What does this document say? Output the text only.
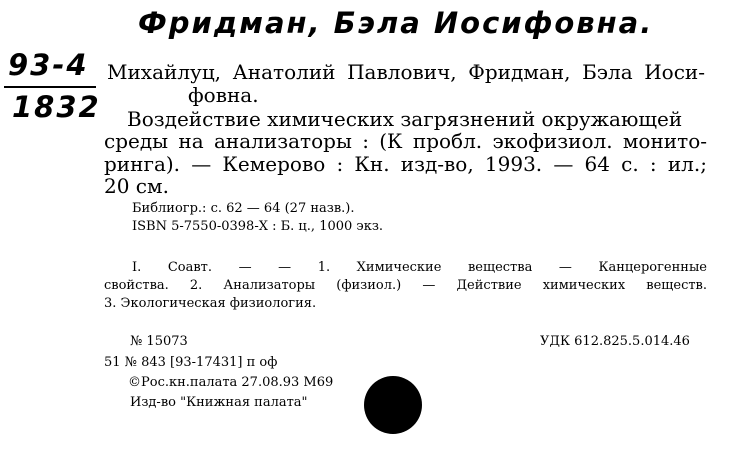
Фридман, Бэла Иосифовна.
93-4
1832
Михайлуц, Анатолий Павлович, Фридман, Бэла Иоси-
фовна.
Воздействие химических загрязнений окружающей
среды на анализаторы : (К пробл. экофизиол. монито-
ринга). — Кемерово : Кн. изд-во, 1993. — 64 с. : ил.;
20 см.
Библиогр.: с. 62 — 64 (27 назв.).
ISBN 5-7550-0398-Х : Б. ц., 1000 экз.
I. Соавт. — — 1. Химические вещества — Канцерогенные
свойства. 2. Анализаторы (физиол.) — Действие химических веществ.
3. Экологическая физиология.
№ 15073	УДК 612.825.5.014.46
51 № 843 [93-17431] п оф
©Рос.кн.палата 27.08.93 М69
Изд-во "Книжная палата"
